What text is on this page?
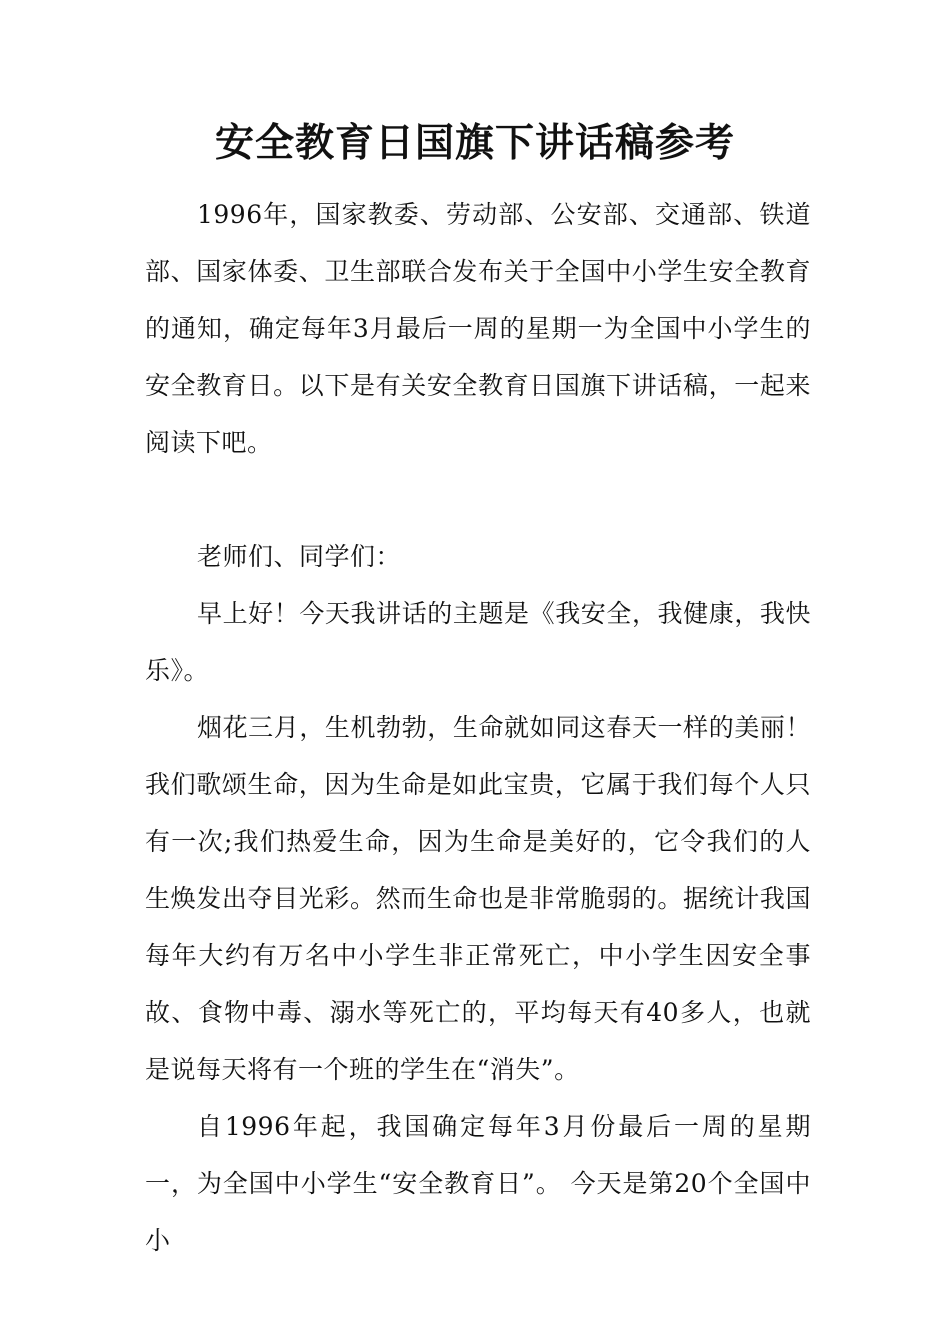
安全教育日国旗下讲话稿参考

1996年，国家教委、劳动部、公安部、交通部、铁道部、国家体委、卫生部联合发布关于全国中小学生安全教育的通知，确定每年3月最后一周的星期一为全国中小学生的安全教育日。以下是有关安全教育日国旗下讲话稿，一起来阅读下吧。

老师们、同学们：

早上好！今天我讲话的主题是《我安全，我健康，我快乐》。

烟花三月，生机勃勃，生命就如同这春天一样的美丽！我们歌颂生命，因为生命是如此宝贵，它属于我们每个人只有一次;我们热爱生命，因为生命是美好的，它令我们的人生焕发出夺目光彩。然而生命也是非常脆弱的。据统计我国每年大约有万名中小学生非正常死亡，中小学生因安全事故、食物中毒、溺水等死亡的，平均每天有40多人，也就是说每天将有一个班的学生在“消失”。

自1996年起，我国确定每年3月份最后一周的星期一，为全国中小学生“安全教育日”。 今天是第20个全国中小
